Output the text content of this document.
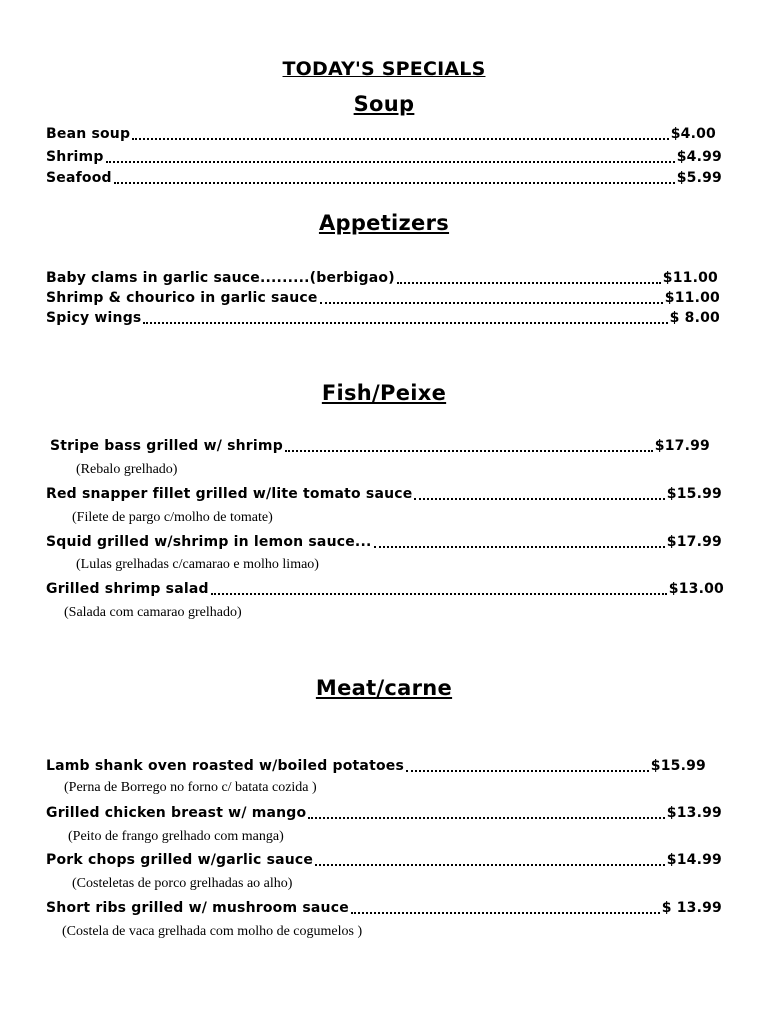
TODAY'S SPECIALS
Soup
Bean soup	$4.00
Shrimp	$4.99
Seafood	$5.99
Appetizers
Baby clams in garlic sauce.........(berbigao)	$11.00
Shrimp & chourico in garlic sauce	$11.00
Spicy wings	$ 8.00
Fish/Peixe
Stripe bass grilled w/ shrimp	$17.99
(Rebalo grelhado)
Red snapper fillet grilled w/lite tomato sauce	$15.99
(Filete de pargo c/molho de tomate)
Squid grilled w/shrimp in lemon sauce...	$17.99
(Lulas grelhadas c/camarao e molho limao)
Grilled shrimp salad	$13.00
(Salada com camarao grelhado)
Meat/carne
Lamb shank oven roasted w/boiled potatoes	$15.99
(Perna de Borrego no forno c/ batata cozida )
Grilled chicken breast w/ mango	$13.99
(Peito de frango grelhado com manga)
Pork chops grilled w/garlic sauce	$14.99
(Costeletas de porco grelhadas ao alho)
Short ribs grilled w/ mushroom sauce	$ 13.99
(Costela de vaca grelhada com molho de cogumelos )
